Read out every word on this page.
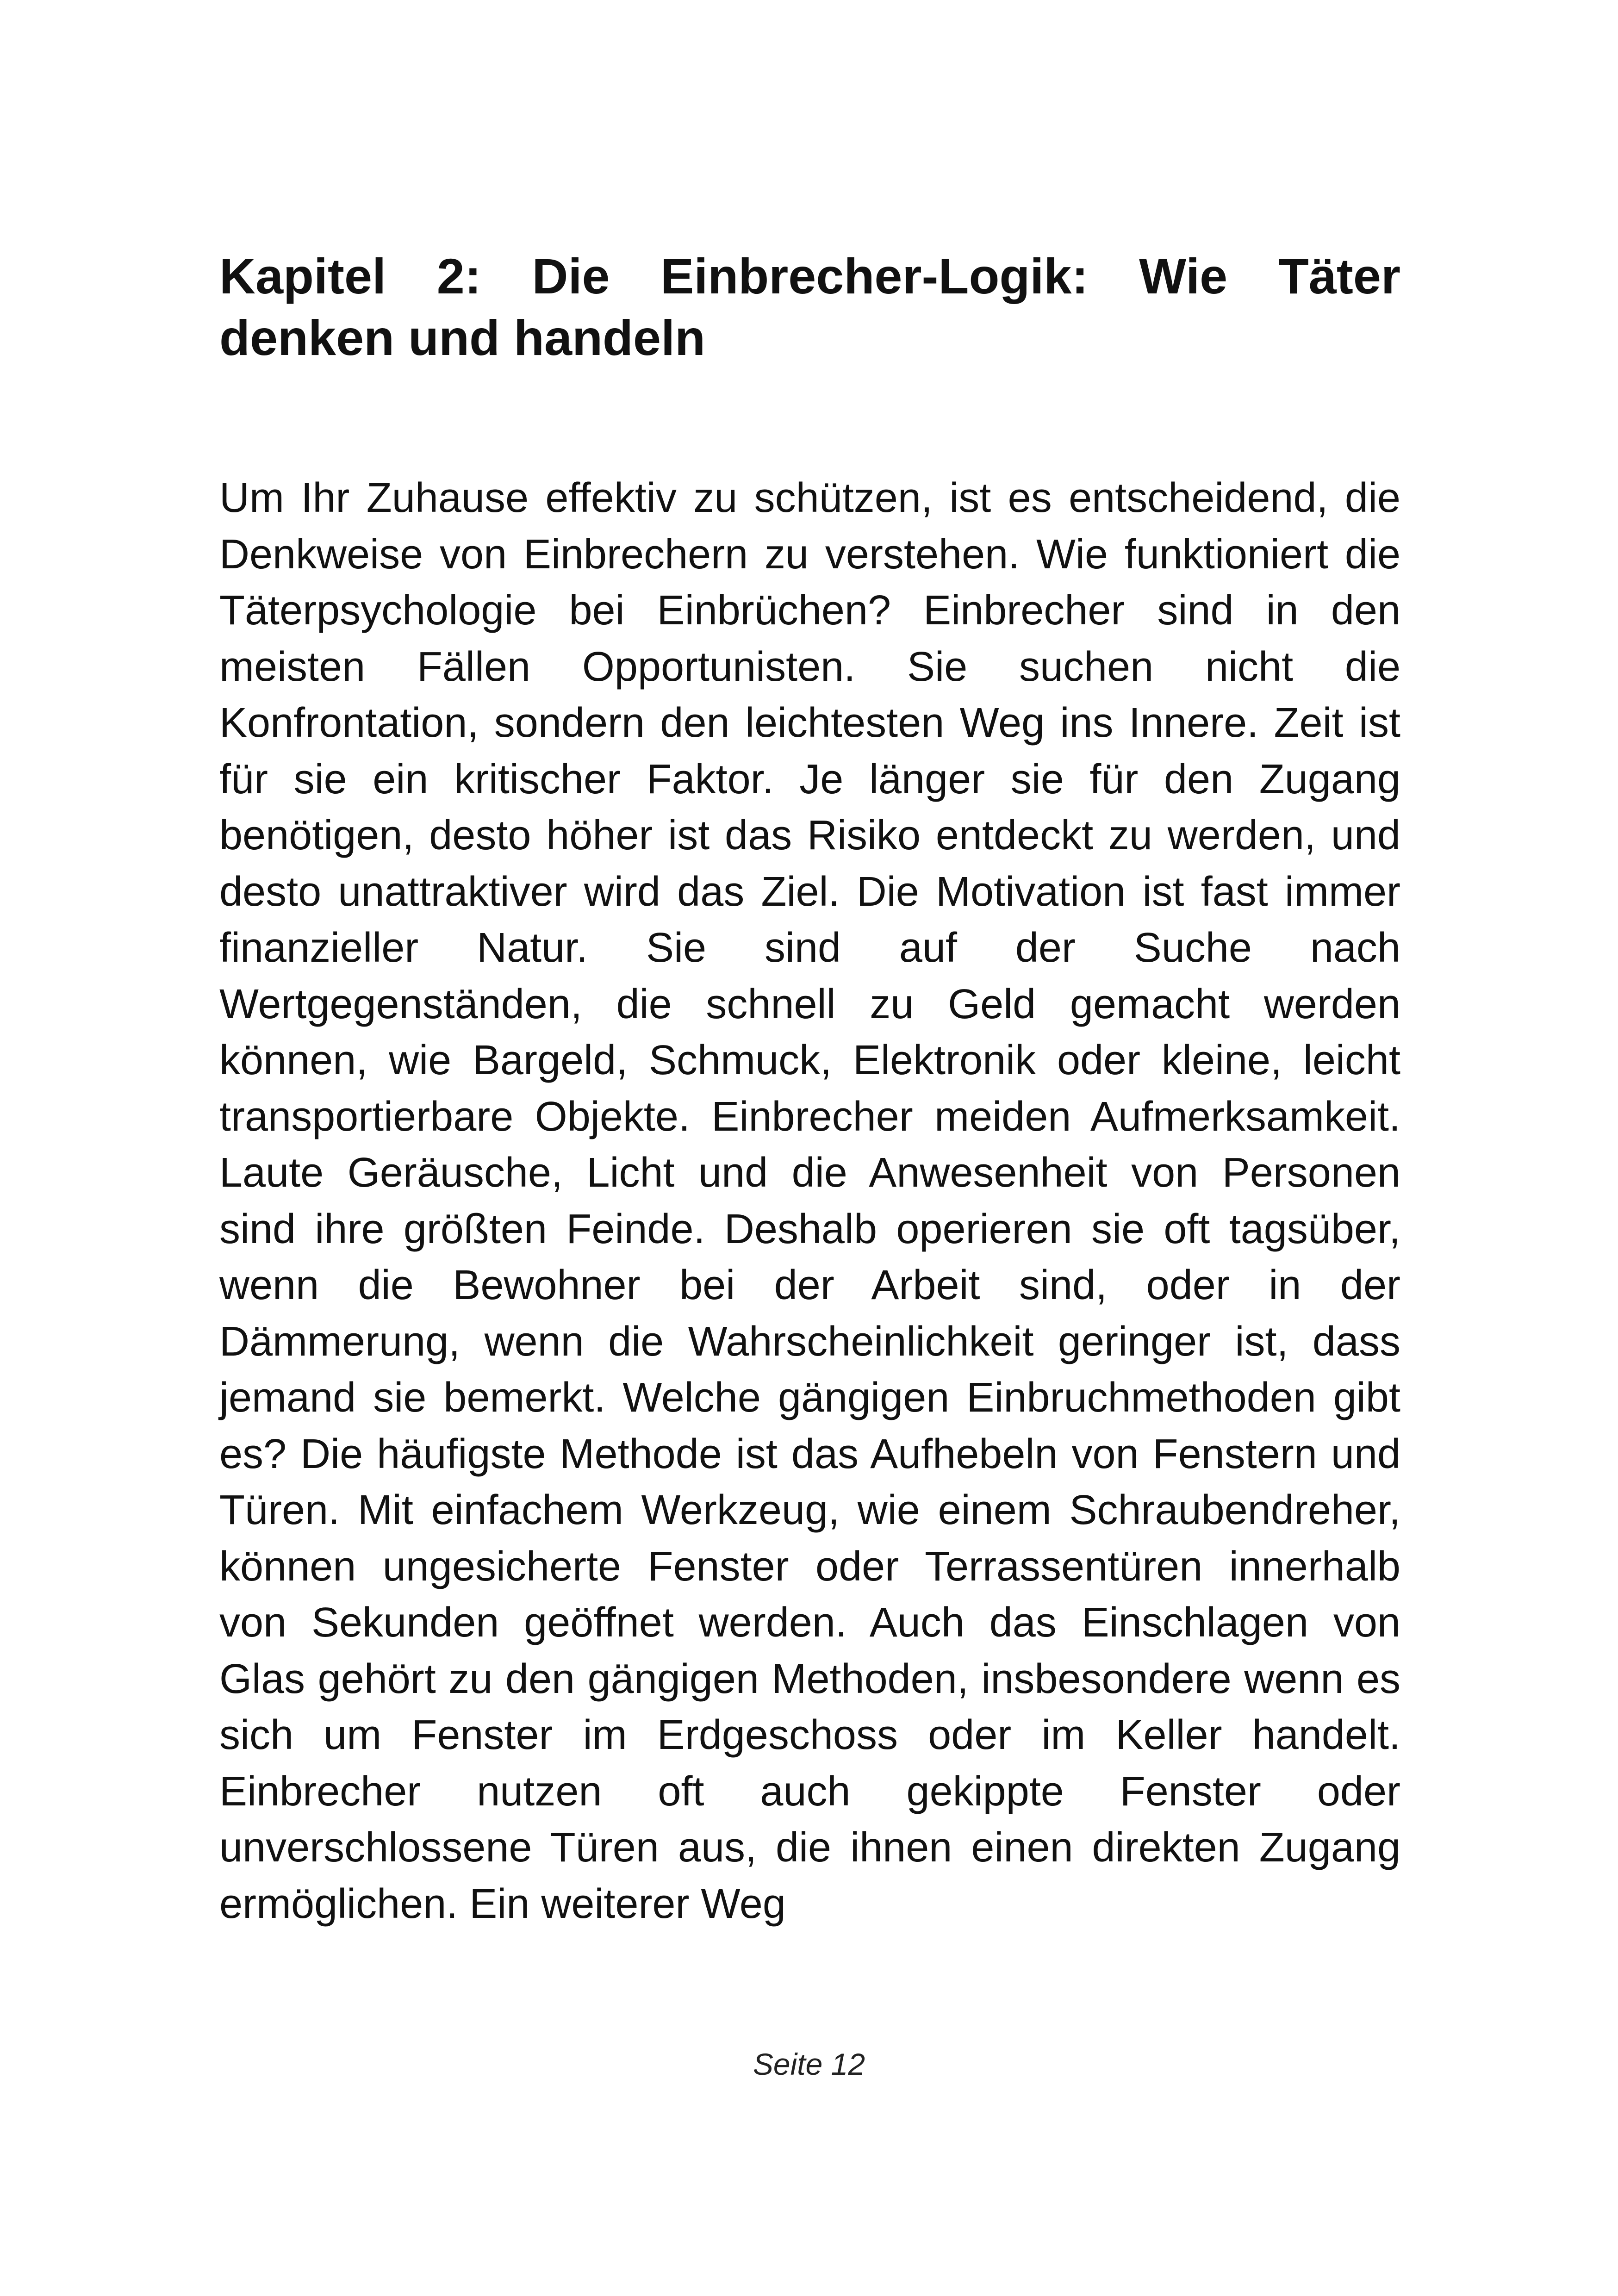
Kapitel 2: Die Einbrecher-Logik: Wie Täter denken und handeln

Um Ihr Zuhause effektiv zu schützen, ist es entscheidend, die Denkweise von Einbrechern zu verstehen. Wie funktioniert die Täterpsychologie bei Einbrüchen? Einbrecher sind in den meisten Fällen Opportunisten. Sie suchen nicht die Konfrontation, sondern den leichtesten Weg ins Innere. Zeit ist für sie ein kritischer Faktor. Je länger sie für den Zugang benötigen, desto höher ist das Risiko entdeckt zu werden, und desto unattraktiver wird das Ziel. Die Motivation ist fast immer finanzieller Natur. Sie sind auf der Suche nach Wertgegenständen, die schnell zu Geld gemacht werden können, wie Bargeld, Schmuck, Elektronik oder kleine, leicht transportierbare Objekte. Einbrecher meiden Aufmerksamkeit. Laute Geräusche, Licht und die Anwesenheit von Personen sind ihre größten Feinde. Deshalb operieren sie oft tagsüber, wenn die Bewohner bei der Arbeit sind, oder in der Dämmerung, wenn die Wahrscheinlichkeit geringer ist, dass jemand sie bemerkt. Welche gängigen Einbruchmethoden gibt es? Die häufigste Methode ist das Aufhebeln von Fenstern und Türen. Mit einfachem Werkzeug, wie einem Schraubendreher, können ungesicherte Fenster oder Terrassentüren innerhalb von Sekunden geöffnet werden. Auch das Einschlagen von Glas gehört zu den gängigen Methoden, insbesondere wenn es sich um Fenster im Erdgeschoss oder im Keller handelt. Einbrecher nutzen oft auch gekippte Fenster oder unverschlossene Türen aus, die ihnen einen direkten Zugang ermöglichen. Ein weiterer Weg

Seite 12
